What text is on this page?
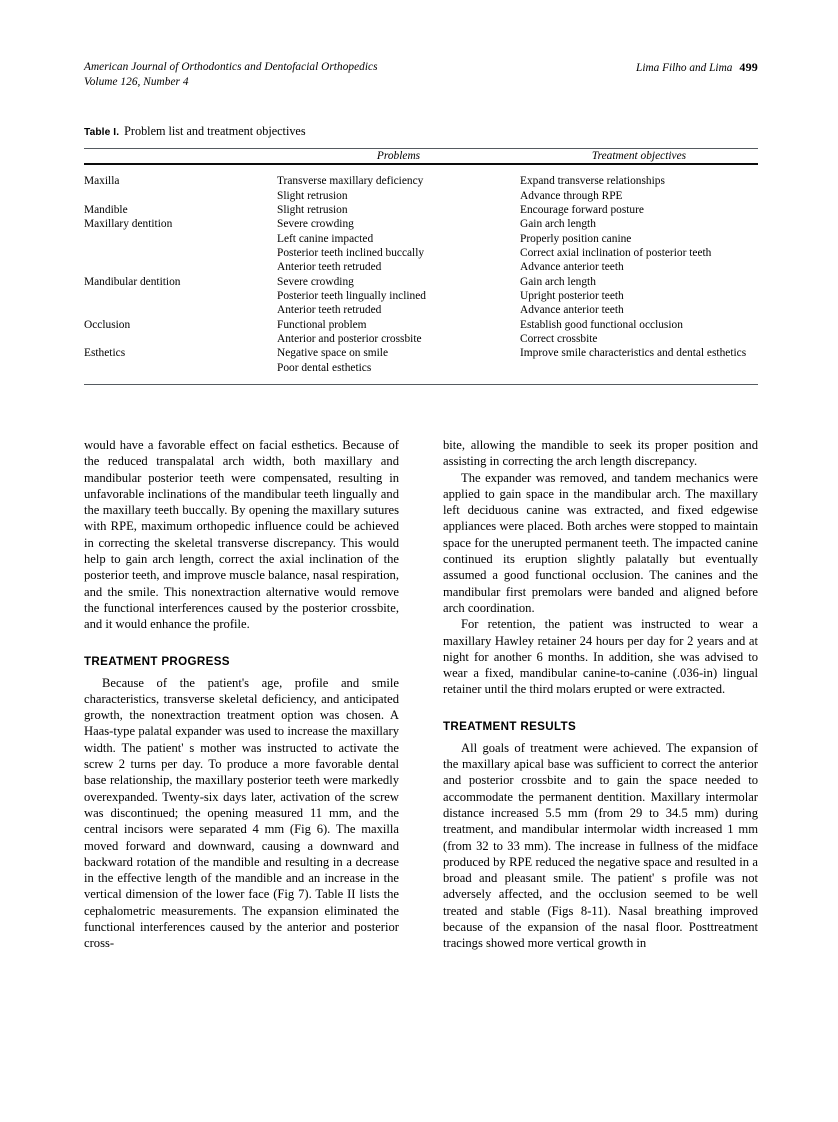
American Journal of Orthodontics and Dentofacial Orthopedics
Volume 126, Number 4
Lima Filho and Lima 499
Table I. Problem list and treatment objectives
	Problems	Treatment objectives
Maxilla	Transverse maxillary deficiency	Expand transverse relationships
	Slight retrusion	Advance through RPE
Mandible	Slight retrusion	Encourage forward posture
Maxillary dentition	Severe crowding	Gain arch length
	Left canine impacted	Properly position canine
	Posterior teeth inclined buccally	Correct axial inclination of posterior teeth
	Anterior teeth retruded	Advance anterior teeth
Mandibular dentition	Severe crowding	Gain arch length
	Posterior teeth lingually inclined	Upright posterior teeth
	Anterior teeth retruded	Advance anterior teeth
Occlusion	Functional problem	Establish good functional occlusion
	Anterior and posterior crossbite	Correct crossbite
Esthetics	Negative space on smile	Improve smile characteristics and dental esthetics
	Poor dental esthetics	

would have a favorable effect on facial esthetics. Because of the reduced transpalatal arch width, both maxillary and mandibular posterior teeth were compensated, resulting in unfavorable inclinations of the mandibular teeth lingually and the maxillary teeth buccally. By opening the maxillary sutures with RPE, maximum orthopedic influence could be achieved in correcting the skeletal transverse discrepancy. This would help to gain arch length, correct the axial inclination of the posterior teeth, and improve muscle balance, nasal respiration, and the smile. This nonextraction alternative would remove the functional interferences caused by the posterior crossbite, and it would enhance the profile.

TREATMENT PROGRESS

Because of the patient's age, profile and smile characteristics, transverse skeletal deficiency, and anticipated growth, the nonextraction treatment option was chosen. A Haas-type palatal expander was used to increase the maxillary width. The patient' s mother was instructed to activate the screw 2 turns per day. To produce a more favorable dental base relationship, the maxillary posterior teeth were markedly overexpanded. Twenty-six days later, activation of the screw was discontinued; the opening measured 11 mm, and the central incisors were separated 4 mm (Fig 6). The maxilla moved forward and downward, causing a downward and backward rotation of the mandible and resulting in a decrease in the effective length of the mandible and an increase in the vertical dimension of the lower face (Fig 7). Table II lists the cephalometric measurements. The expansion eliminated the functional interferences caused by the anterior and posterior cross-

bite, allowing the mandible to seek its proper position and assisting in correcting the arch length discrepancy.

The expander was removed, and tandem mechanics were applied to gain space in the mandibular arch. The maxillary left deciduous canine was extracted, and fixed edgewise appliances were placed. Both arches were stopped to maintain space for the unerupted permanent teeth. The impacted canine continued its eruption slightly palatally but eventually assumed a good functional occlusion. The canines and the mandibular first premolars were banded and aligned before arch coordination.

For retention, the patient was instructed to wear a maxillary Hawley retainer 24 hours per day for 2 years and at night for another 6 months. In addition, she was advised to wear a fixed, mandibular canine-to-canine (.036-in) lingual retainer until the third molars erupted or were extracted.

TREATMENT RESULTS

All goals of treatment were achieved. The expansion of the maxillary apical base was sufficient to correct the anterior and posterior crossbite and to gain the space needed to accommodate the permanent dentition. Maxillary intermolar distance increased 5.5 mm (from 29 to 34.5 mm) during treatment, and mandibular intermolar width increased 1 mm (from 32 to 33 mm). The increase in fullness of the midface produced by RPE reduced the negative space and resulted in a broad and pleasant smile. The patient' s profile was not adversely affected, and the occlusion seemed to be well treated and stable (Figs 8-11). Nasal breathing improved because of the expansion of the nasal floor. Posttreatment tracings showed more vertical growth in
